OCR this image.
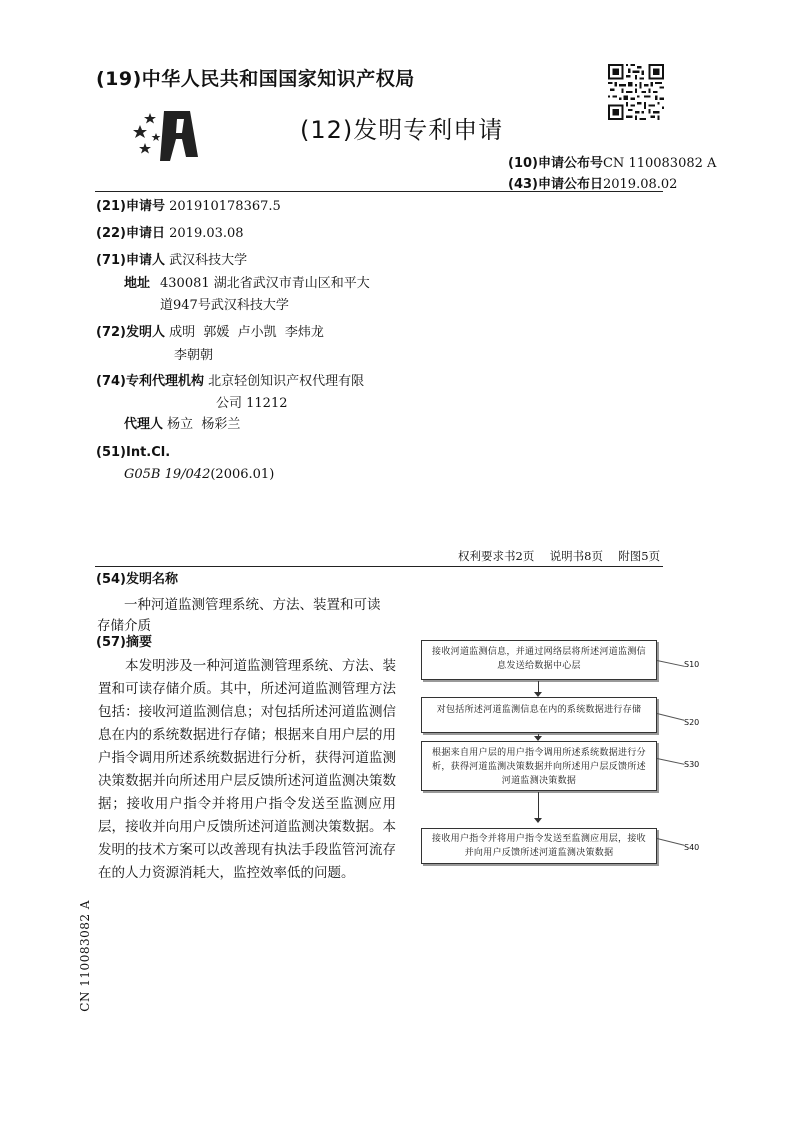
(19)中华人民共和国国家知识产权局
(12)发明专利申请
(10)申请公布号CN 110083082 A
(43)申请公布日2019.08.02
(21)申请号 201910178367.5
(22)申请日 2019.03.08
(71)申请人 武汉科技大学
地址 430081 湖北省武汉市青山区和平大
道947号武汉科技大学
(72)发明人 成明  郭媛  卢小凯  李炜龙
李朝朝
(74)专利代理机构 北京轻创知识产权代理有限
公司 11212
代理人 杨立  杨彩兰
(51)Int.Cl.
G05B 19/042(2006.01)
权利要求书2页  说明书8页  附图5页
(54)发明名称
一种河道监测管理系统、方法、装置和可读
存储介质
(57)摘要
本发明涉及一种河道监测管理系统、方法、装置和可读存储介质。其中，所述河道监测管理方法包括：接收河道监测信息；对包括所述河道监测信息在内的系统数据进行存储；根据来自用户层的用户指令调用所述系统数据进行分析，获得河道监测决策数据并向所述用户层反馈所述河道监测决策数据；接收用户指令并将用户指令发送至监测应用层，接收并向用户反馈所述河道监测决策数据。本发明的技术方案可以改善现有执法手段监管河流存在的人力资源消耗大，监控效率低的问题。
CN 110083082 A
接收河道监测信息，并通过网络层将所述河道监测信息发送给数据中心层	S10
对包括所述河道监测信息在内的系统数据进行存储
S20
根据来自用户层的用户指令调用所述系统数据进行分析，获得河道监测决策数据并向所述用户层反馈所述河道监测决策数据
S30
接收用户指令并将用户指令发送至监测应用层，接收并向用户反馈所述河道监测决策数据
S40
